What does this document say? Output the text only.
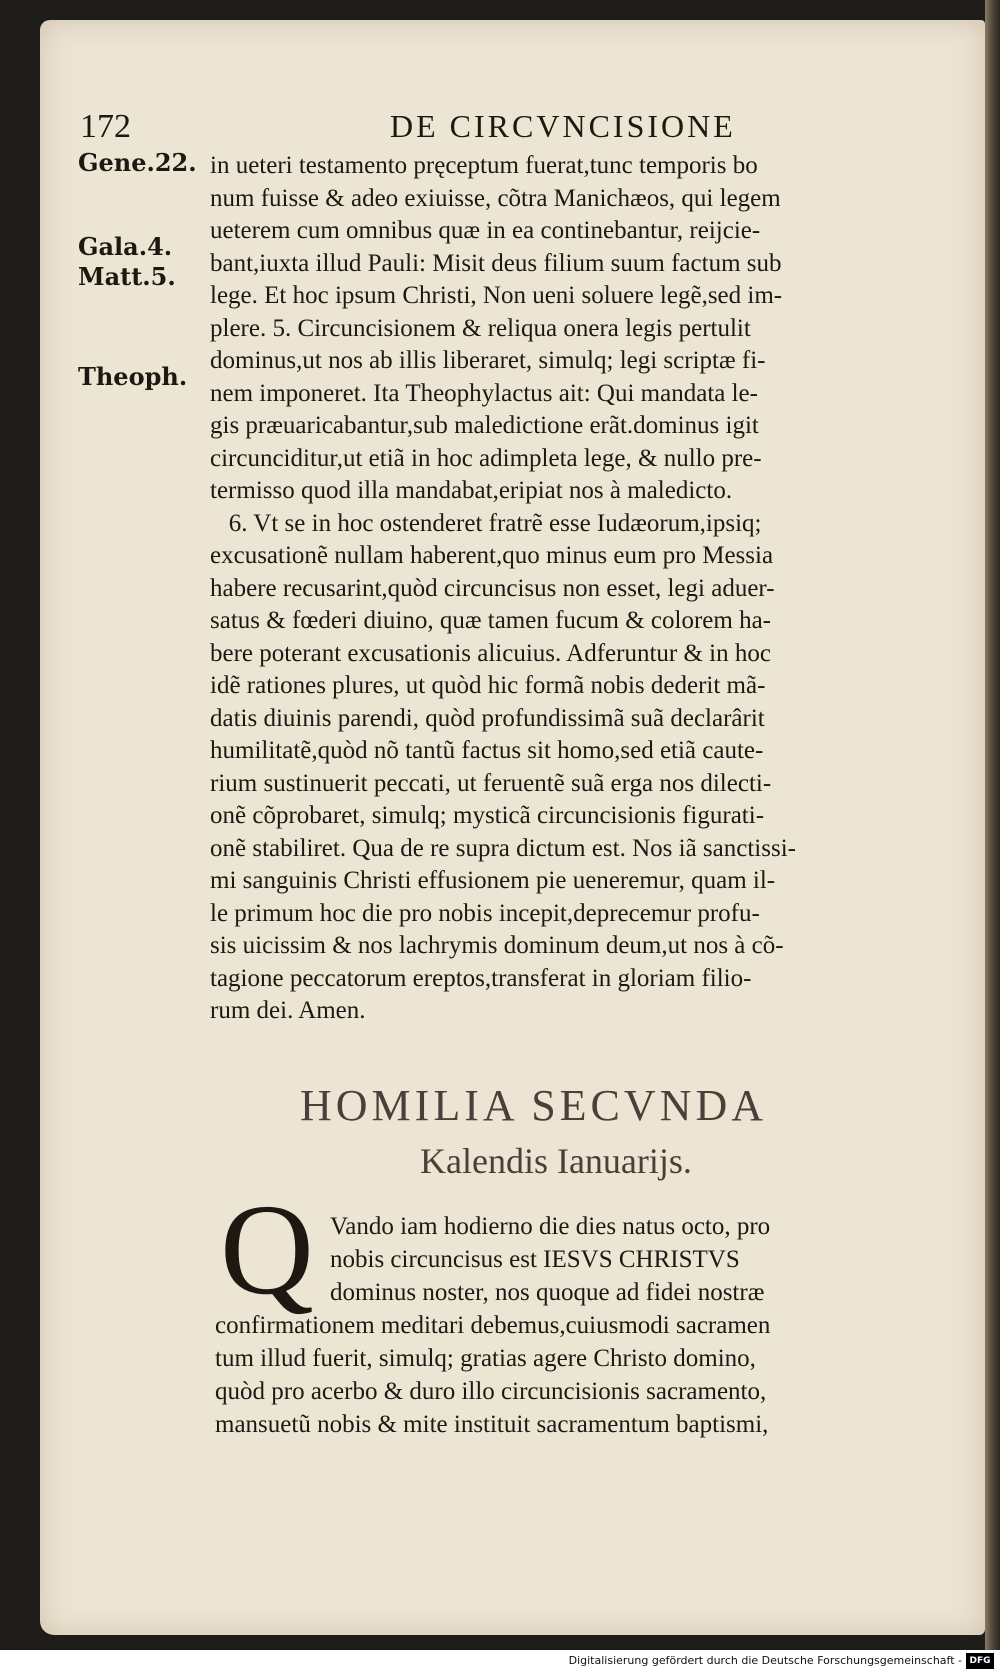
172	DE CIRCVNCISIONE
Gene.22.
Gala.4.
Matt.5.
Theoph.
in ueteri testamento pręceptum fuerat,tunc temporis bo
num fuisse & adeo exiuisse, cõtra Manichæos, qui legem
ueterem cum omnibus quæ in ea continebantur, reijcie-
bant,iuxta illud Pauli: Misit deus filium suum factum sub
lege. Et hoc ipsum Christi, Non ueni soluere legẽ,sed im-
plere. 5. Circuncisionem & reliqua onera legis pertulit
dominus,ut nos ab illis liberaret, simulq; legi scriptæ fi-
nem imponeret. Ita Theophylactus ait: Qui mandata le-
gis præuaricabantur,sub maledictione erãt.dominus igit
circunciditur,ut etiã in hoc adimpleta lege, & nullo pre-
termisso quod illa mandabat,eripiat nos à maledicto.
6. Vt se in hoc ostenderet fratrẽ esse Iudæorum,ipsiq;
excusationẽ nullam haberent,quo minus eum pro Messia
habere recusarint,quòd circuncisus non esset, legi aduer-
satus & fœderi diuino, quæ tamen fucum & colorem ha-
bere poterant excusationis alicuius. Adferuntur & in hoc
idẽ rationes plures, ut quòd hic formã nobis dederit mã-
datis diuinis parendi, quòd profundissimã suã declarârit
humilitatẽ,quòd nõ tantũ factus sit homo,sed etiã caute-
rium sustinuerit peccati, ut feruentẽ suã erga nos dilecti-
onẽ cõprobaret, simulq; mysticã circuncisionis figurati-
onẽ stabiliret. Qua de re supra dictum est. Nos iã sanctissi-
mi sanguinis Christi effusionem pie ueneremur, quam il-
le primum hoc die pro nobis incepit,deprecemur profu-
sis uicissim & nos lachrymis dominum deum,ut nos à cõ-
tagione peccatorum ereptos,transferat in gloriam filio-
rum dei. Amen.
HOMILIA SECVNDA
Kalendis Ianuarijs.
Q Vando iam hodierno die dies natus octo, pro
nobis circuncisus est IESVS CHRISTVS
dominus noster, nos quoque ad fidei nostræ
confirmationem meditari debemus,cuiusmodi sacramen
tum illud fuerit, simulq; gratias agere Christo domino,
quòd pro acerbo & duro illo circuncisionis sacramento,
mansuetũ nobis & mite instituit sacramentum baptismi,
Digitalisierung gefördert durch die Deutsche Forschungsgemeinschaft - DFG
